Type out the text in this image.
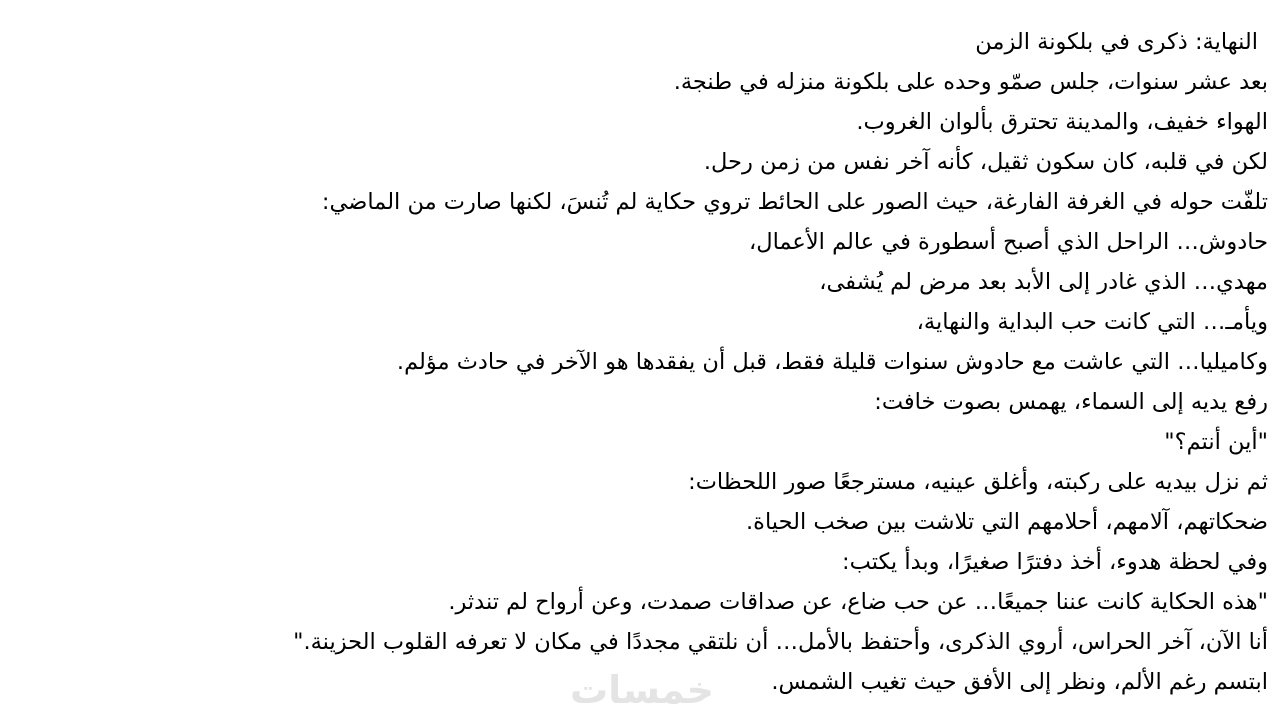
النهاية: ذكرى في بلكونة الزمن
بعد عشر سنوات، جلس صمّو وحده على بلكونة منزله في طنجة.
الهواء خفيف، والمدينة تحترق بألوان الغروب.
لكن في قلبه، كان سكون ثقيل، كأنه آخر نفس من زمن رحل.
تلفّت حوله في الغرفة الفارغة، حيث الصور على الحائط تروي حكاية لم تُنسَ، لكنها صارت من الماضي:
حادوش… الراحل الذي أصبح أسطورة في عالم الأعمال،
مهدي… الذي غادر إلى الأبد بعد مرض لم يُشفى،
ويأمـ… التي كانت حب البداية والنهاية،
وكاميليا… التي عاشت مع حادوش سنوات قليلة فقط، قبل أن يفقدها هو الآخر في حادث مؤلم.
رفع يديه إلى السماء، يهمس بصوت خافت:
"أين أنتم؟"
ثم نزل بيديه على ركبته، وأغلق عينيه، مسترجعًا صور اللحظات:
ضحكاتهم، آلامهم، أحلامهم التي تلاشت بين صخب الحياة.
وفي لحظة هدوء، أخذ دفترًا صغيرًا، وبدأ يكتب:
"هذه الحكاية كانت عننا جميعًا… عن حب ضاع، عن صداقات صمدت، وعن أرواح لم تندثر.
أنا الآن، آخر الحراس، أروي الذكرى، وأحتفظ بالأمل… أن نلتقي مجددًا في مكان لا تعرفه القلوب الحزينة."
ابتسم رغم الألم، ونظر إلى الأفق حيث تغيب الشمس.
خمسات
